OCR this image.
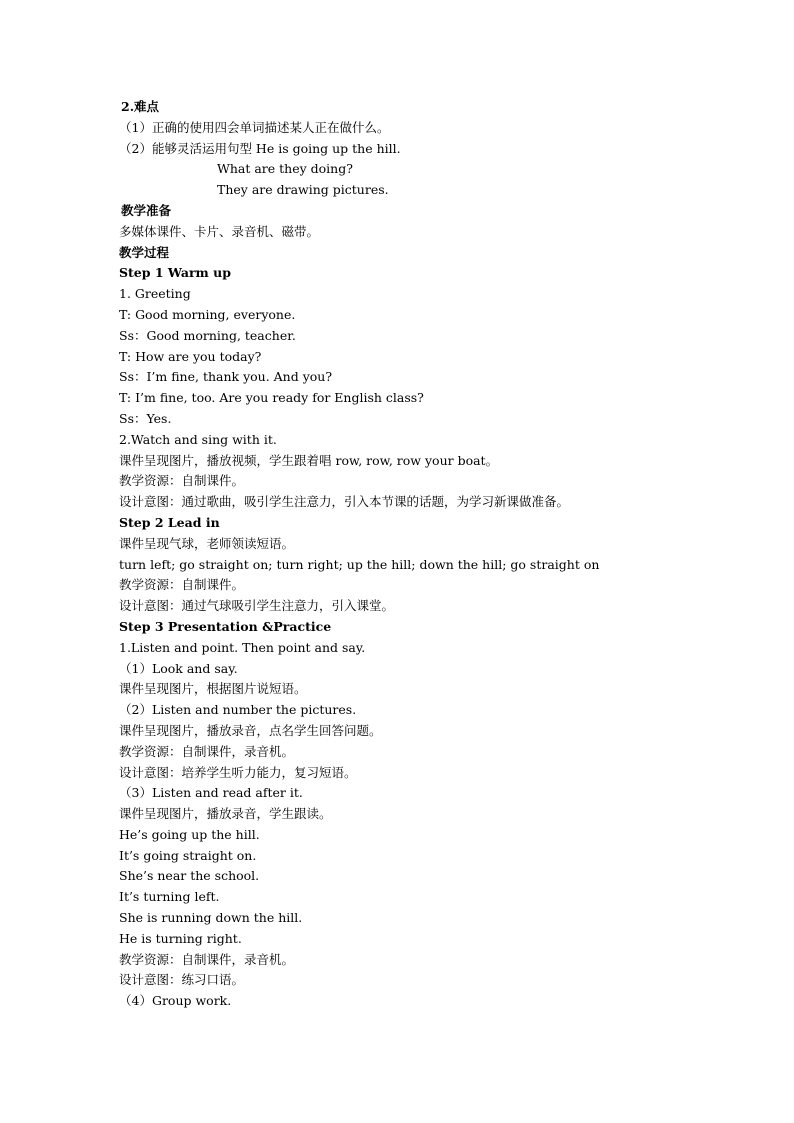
2.难点
（1）正确的使用四会单词描述某人正在做什么。
（2）能够灵活运用句型 He is going up the hill.
What are they doing?
They are drawing pictures.
教学准备
多媒体课件、卡片、录音机、磁带。
教学过程
Step 1 Warm up
1. Greeting
T: Good morning, everyone.
Ss：Good morning, teacher.
T: How are you today?
Ss：I’m fine, thank you. And you?
T: I’m fine, too. Are you ready for English class?
Ss：Yes.
2.Watch and sing with it.
课件呈现图片，播放视频，学生跟着唱 row, row, row your boat。
教学资源：自制课件。
设计意图：通过歌曲，吸引学生注意力，引入本节课的话题，为学习新课做准备。
Step 2 Lead in
课件呈现气球，老师领读短语。
turn left; go straight on; turn right; up the hill; down the hill; go straight on
教学资源：自制课件。
设计意图：通过气球吸引学生注意力，引入课堂。
Step 3 Presentation &Practice
1.Listen and point. Then point and say.
（1）Look and say.
课件呈现图片，根据图片说短语。
（2）Listen and number the pictures.
课件呈现图片，播放录音，点名学生回答问题。
教学资源：自制课件，录音机。
设计意图：培养学生听力能力，复习短语。
（3）Listen and read after it.
课件呈现图片，播放录音，学生跟读。
He’s going up the hill.
It’s going straight on.
She’s near the school.
It’s turning left.
She is running down the hill.
He is turning right.
教学资源：自制课件，录音机。
设计意图：练习口语。
（4）Group work.
